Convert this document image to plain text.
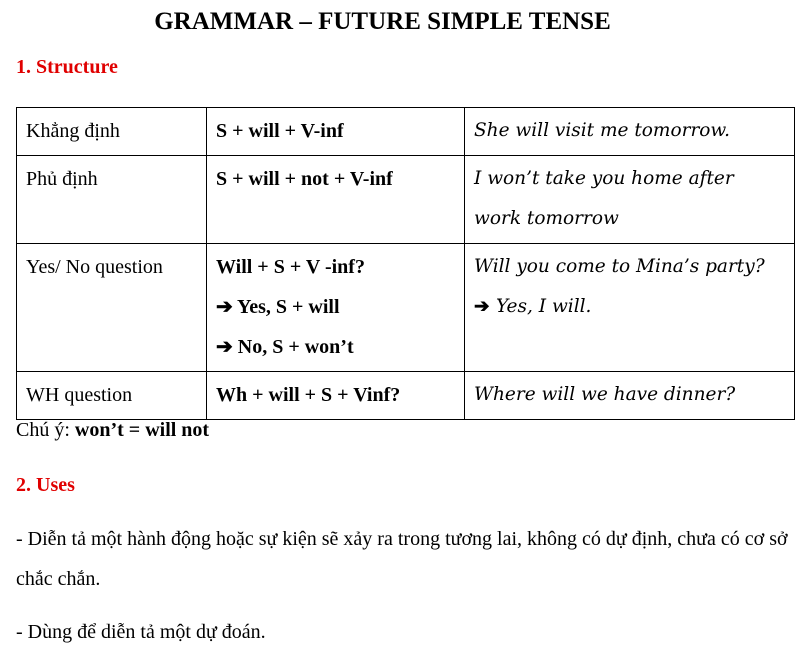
GRAMMAR – FUTURE SIMPLE TENSE
1. Structure
Khẳng định	S + will + V-inf	She will visit me tomorrow.

Phủ định	S + will + not + V-inf	I won’t take you home after
work tomorrow

Yes/ No question	Will + S + V -inf?
➔ Yes, S + will
➔ No, S + won’t	Will you come to Mina’s party?
➔ Yes, I will.

WH question	Wh + will + S + Vinf?	Where will we have dinner?
Chú ý: won’t = will not
2. Uses
- Diễn tả một hành động hoặc sự kiện sẽ xảy ra trong tương lai, không có dự định, chưa có cơ sở chắc chắn.
- Dùng để diễn tả một dự đoán.
